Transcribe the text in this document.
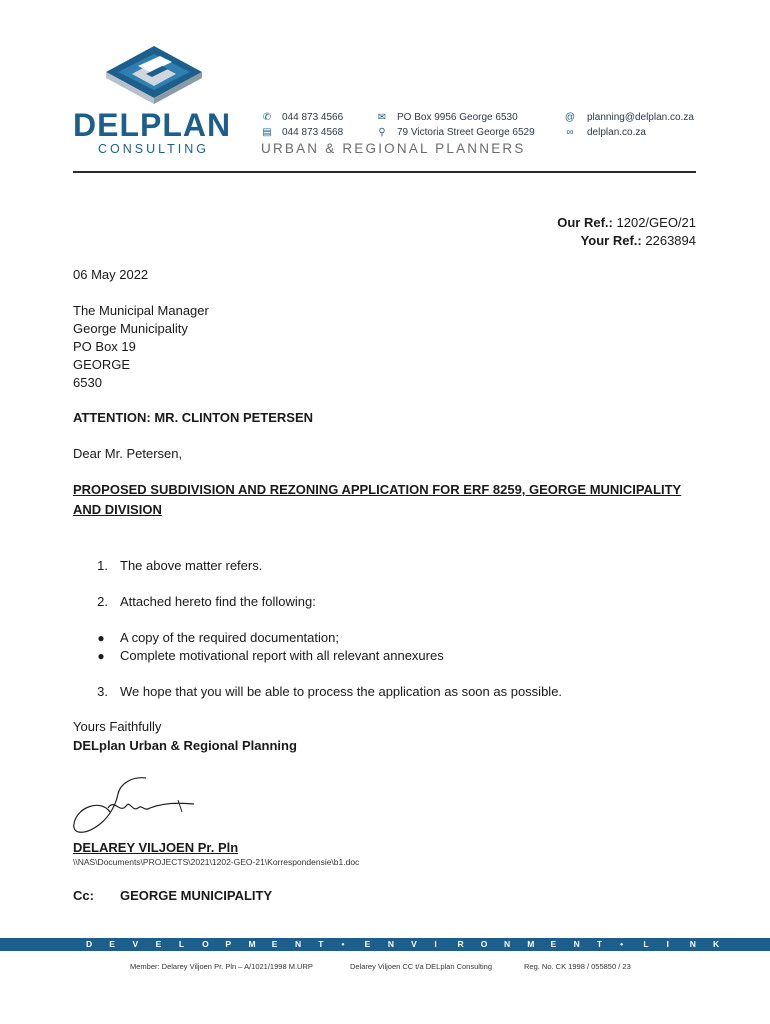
DELPLAN
CONSULTING
✆ 044 873 4566
▤ 044 873 4568
✉ PO Box 9956 George 6530
⚲ 79 Victoria Street George 6529
@ planning@delplan.co.za
∞ delplan.co.za
URBAN & REGIONAL PLANNERS
Our Ref.: 1202/GEO/21
Your Ref.: 2263894
06 May 2022
The Municipal Manager
George Municipality
PO Box 19
GEORGE
6530
ATTENTION: MR. CLINTON PETERSEN
Dear Mr. Petersen,
PROPOSED SUBDIVISION AND REZONING APPLICATION FOR ERF 8259, GEORGE MUNICIPALITY
AND DIVISION
1. The above matter refers.
2. Attached hereto find the following:
● A copy of the required documentation;
● Complete motivational report with all relevant annexures
3. We hope that you will be able to process the application as soon as possible.
Yours Faithfully
DELplan Urban & Regional Planning
DELAREY VILJOEN Pr. Pln
\\NAS\Documents\PROJECTS\2021\1202-GEO-21\Korrespondensie\b1.doc
Cc: GEORGE MUNICIPALITY
D E V E L O P M E N T • E N V I R O N M E N T • L I N K
Member: Delarey Viljoen Pr. Pln – A/1021/1998 M.URP	Delarey Viljoen CC t/a DELplan Consulting	Reg. No. CK 1998 / 055850 / 23
